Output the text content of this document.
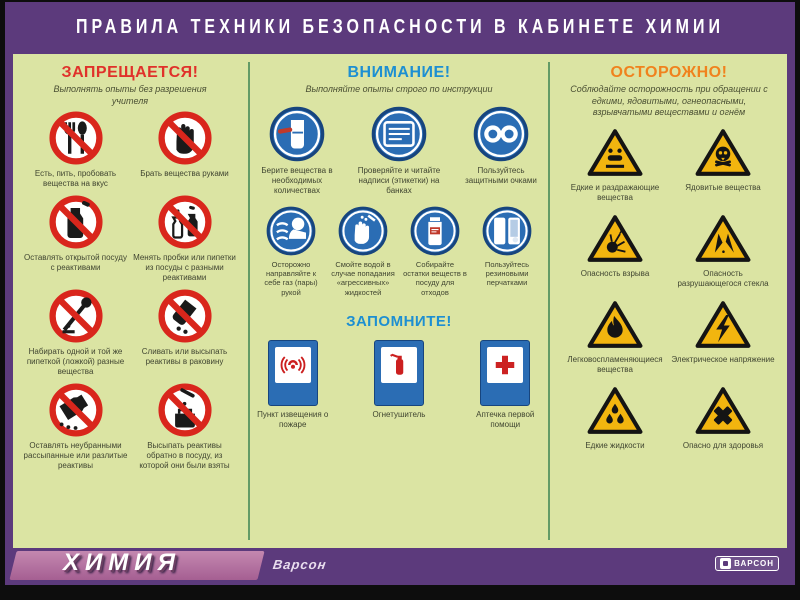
ПРАВИЛА ТЕХНИКИ БЕЗОПАСНОСТИ В КАБИНЕТЕ ХИМИИ
ЗАПРЕЩАЕТСЯ!
Выполнять опыты без разрешения учителя
Есть, пить, пробовать вещества на вкус
Брать вещества руками
Оставлять открытой посуду с реактивами
Менять пробки или пипетки из посуды с разными реактивами
Набирать одной и той же пипеткой (ложкой) разные вещества
Сливать или высыпать реактивы в раковину
Оставлять неубранными рассыпанные или разлитые реактивы
Высыпать реактивы обратно в посуду, из которой они были взяты
ВНИМАНИЕ!
Выполняйте опыты строго по инструкции
Берите вещества в необходимых количествах
Проверяйте и читайте надписи (этикетки) на банках
Пользуйтесь защитными очками
Осторожно направляйте к себе газ (пары) рукой
Смойте водой в случае попадания «агрессивных» жидкостей
Собирайте остатки веществ в посуду для отходов
Пользуйтесь резиновыми перчатками
ЗАПОМНИТЕ!
Пункт извещения о пожаре
Огнетушитель	Аптечка первой помощи
ОСТОРОЖНО!
Соблюдайте осторожность при обращении с едкими, ядовитыми, огнеопасными, взрывчатыми веществами и огнём
Едкие и раздражающие вещества
Ядовитые вещества
Опасность взрыва	Опасность разрушающегося стекла
Легковоспламеняющиеся вещества
Электрическое напряжение
Едкие жидкости	Опасно для здоровья
ХИМИЯ	Варсон	ВАРСОН
